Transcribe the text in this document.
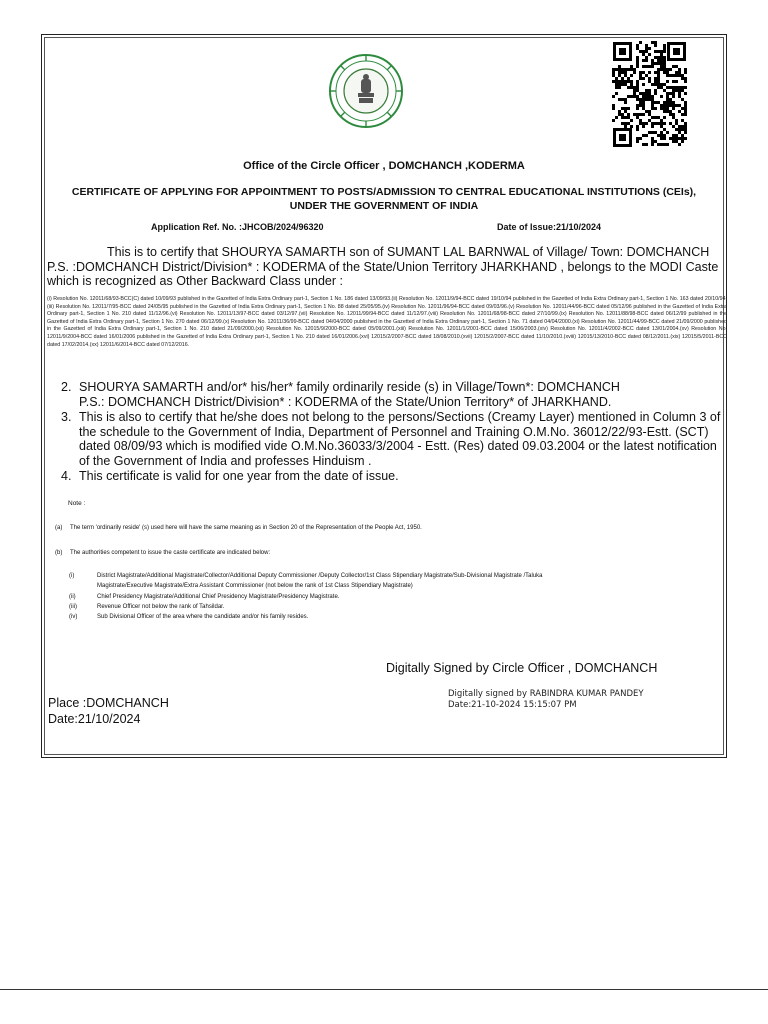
Office of the Circle Officer , DOMCHANCH ,KODERMA
CERTIFICATE OF APPLYING FOR APPOINTMENT TO POSTS/ADMISSION TO CENTRAL EDUCATIONAL INSTITUTIONS (CEIs),
UNDER THE GOVERNMENT OF INDIA
Application Ref. No. :JHCOB/2024/96320	Date of Issue:21/10/2024
This is to certify that SHOURYA SAMARTH son of SUMANT LAL BARNWAL of Village/ Town: DOMCHANCH P.S. :DOMCHANCH District/Division* : KODERMA of the State/Union Territory JHARKHAND , belongs to the MODI Caste which is recognized as Other Backward Class under :
(i) Resolution No. 12011/68/93-BCC(C) dated 10/09/93 published in the Gazetted of India Extra Ordinary part-1, Section 1 No. 186 dated 13/09/93.(ii) Resolution No. 12011/9/94-BCC dated 19/10/94 published in the Gazetted of India Extra Ordinary part-1, Section 1 No. 163 dated 20/10/94.(iii) Resolution No. 12011/7/95-BCC dated 24/05/95 published in the Gazetted of India Extra Ordinary part-1, Section 1 No. 88 dated 25/05/95.(iv) Resolution No. 12011/96/94-BCC dated 09/03/96.(v) Resolution No. 12011/44/96-BCC dated 05/12/96 published in the Gazetted of India Extra Ordinary part-1, Section 1 No. 210 dated 11/12/96.(vi) Resolution No. 12011/13/97-BCC dated 03/12/97.(vii) Resolution No. 12011/99/94-BCC dated 11/12/97.(viii) Resolution No. 12011/68/98-BCC dated 27/10/99.(ix) Resolution No. 12011/88/98-BCC dated 06/12/99 published in the Gazetted of India Extra Ordinary part-1, Section 1 No. 270 dated 06/12/99.(x) Resolution No. 12011/36/99-BCC dated 04/04/2000 published in the Gazetted of India Extra Ordinary part-1, Section 1 No. 71 dated 04/04/2000.(xi) Resolution No. 12011/44/99-BCC dated 21/09/2000 published in the Gazetted of India Extra Ordinary part-1, Section 1 No. 210 dated 21/09/2000.(xii) Resolution No. 12015/9/2000-BCC dated 05/09/2001.(xiii) Resolution No. 12011/1/2001-BCC dated 15/06/2003.(xiv) Resolution No. 12011/4/2002-BCC dated 13/01/2004.(xv) Resolution No. 12011/9/2004-BCC dated 16/01/2006 published in the Gazetted of India Extra Ordinary part-1, Section 1 No. 210 dated 16/01/2006.(xvi) 12015/2/2007-BCC dated 18/08/2010.(xvii) 12015/2/2007-BCC dated 11/10/2010.(xviii) 12015/13/2010-BCC dated 08/12/2011.(xix) 12015/5/2011-BCC dated 17/02/2014.(xx) 12011/6/2014-BCC dated 07/12/2016.
2. SHOURYA SAMARTH and/or* his/her* family ordinarily reside (s) in Village/Town*: DOMCHANCH
P.S.: DOMCHANCH District/Division* : KODERMA of the State/Union Territory* of JHARKHAND.
3. This is also to certify that he/she does not belong to the persons/Sections (Creamy Layer) mentioned in Column 3 of the schedule to the Government of India, Department of Personnel and Training O.M.No. 36012/22/93-Estt. (SCT) dated 08/09/93 which is modified vide O.M.No.36033/3/2004 - Estt. (Res) dated 09.03.2004 or the latest notification of the Government of India and professes Hinduism .
4. This certificate is valid for one year from the date of issue.
Note :
(a) The term 'ordinarily reside' (s) used here will have the same meaning as in Section 20 of the Representation of the People Act, 1950.
(b) The authorities competent to issue the caste certificate are indicated below:
(i)	District Magistrate/Additional Magistrate/Collector/Additional Deputy Commissioner /Deputy Collector/1st Class Stipendiary Magistrate/Sub-Divisional Magistrate /Taluka
Magistrate/Executive Magistrate/Extra Assistant Commissioner (not below the rank of 1st Class Stipendiary Magistrate)
(ii)	Chief Presidency Magistrate/Additional Chief Presidency Magistrate/Presidency Magistrate.
(iii)	Revenue Officer not below the rank of Tahsildar.
(iv)	Sub Divisional Officer of the area where the candidate and/or his family resides.
Digitally Signed by Circle Officer , DOMCHANCH
Digitally signed by RABINDRA KUMAR PANDEY
Date:21-10-2024 15:15:07 PM
Place :DOMCHANCH
Date:21/10/2024
